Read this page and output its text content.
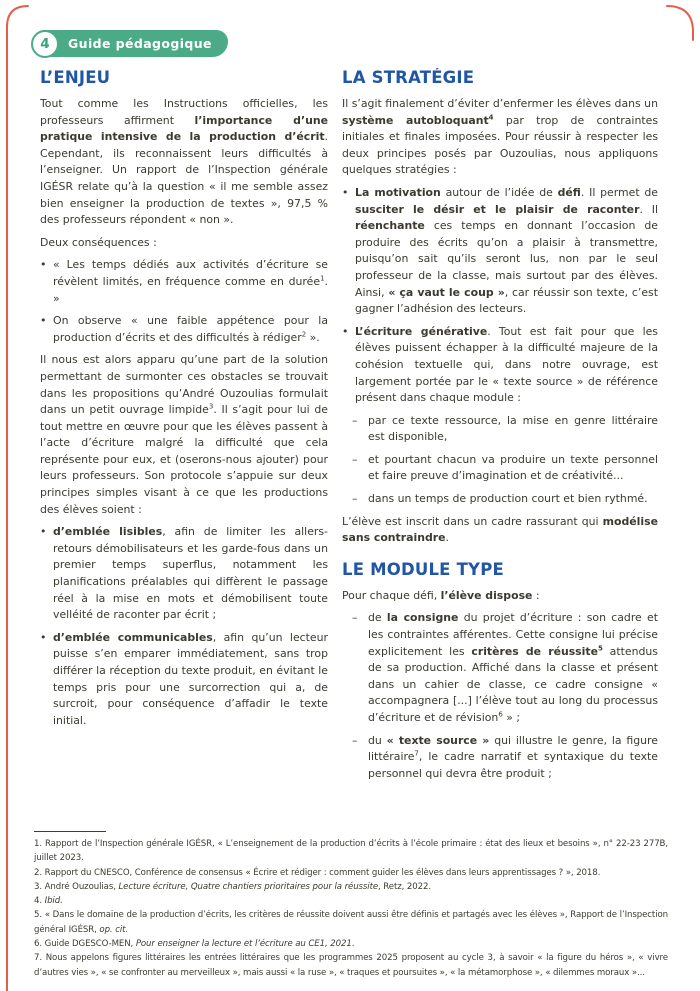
4	Guide pédagogique
L’ENJEU

Tout comme les Instructions officielles, les professeurs affirment l’importance d’une pratique intensive de la production d’écrit. Cependant, ils reconnaissent leurs difficultés à l’enseigner. Un rapport de l’Inspection générale IGÉSR relate qu’à la question « il me semble assez bien enseigner la production de textes », 97,5 % des professeurs répondent « non ».

Deux conséquences :

• « Les temps dédiés aux activités d’écriture se révèlent limités, en fréquence comme en durée$^1$. »
• On observe « une faible appétence pour la production d’écrits et des difficultés à rédiger$^2$ ».

Il nous est alors apparu qu’une part de la solution permettant de surmonter ces obstacles se trouvait dans les propositions qu’André Ouzoulias formulait dans un petit ouvrage limpide$^3$. Il s’agit pour lui de tout mettre en œuvre pour que les élèves passent à l’acte d’écriture malgré la difficulté que cela représente pour eux, et (oserons-nous ajouter) pour leurs professeurs. Son protocole s’appuie sur deux principes simples visant à ce que les productions des élèves soient :

• d’emblée lisibles, afin de limiter les allers-retours démobilisateurs et les garde-fous dans un premier temps superflus, notamment les planifications préalables qui diffèrent le passage réel à la mise en mots et démobilisent toute velléité de raconter par écrit ;
• d’emblée communicables, afin qu’un lecteur puisse s’en emparer immédiatement, sans trop différer la réception du texte produit, en évitant le temps pris pour une surcorrection qui a, de surcroit, pour conséquence d’affadir le texte initial.
LA STRATÉGIE

Il s’agit finalement d’éviter d’enfermer les élèves dans un système autobloquant$^4$ par trop de contraintes initiales et finales imposées. Pour réussir à respecter les deux principes posés par Ouzoulias, nous appliquons quelques stratégies :

• La motivation autour de l’idée de défi. Il permet de susciter le désir et le plaisir de raconter. Il réenchante ces temps en donnant l’occasion de produire des écrits qu’on a plaisir à transmettre, puisqu’on sait qu’ils seront lus, non par le seul professeur de la classe, mais surtout par des élèves. Ainsi, « ça vaut le coup », car réussir son texte, c’est gagner l’adhésion des lecteurs.
• L’écriture générative. Tout est fait pour que les élèves puissent échapper à la difficulté majeure de la cohésion textuelle qui, dans notre ouvrage, est largement portée par le « texte source » de référence présent dans chaque module :
– par ce texte ressource, la mise en genre littéraire est disponible,
– et pourtant chacun va produire un texte personnel et faire preuve d’imagination et de créativité...
– dans un temps de production court et bien rythmé.

L’élève est inscrit dans un cadre rassurant qui modélise sans contraindre.

LE MODULE TYPE

Pour chaque défi, l’élève dispose :

– de la consigne du projet d’écriture : son cadre et les contraintes afférentes. Cette consigne lui précise explicitement les critères de réussite$^5$ attendus de sa production. Affiché dans la classe et présent dans un cahier de classe, ce cadre consigne « accompagnera [...] l’élève tout au long du processus d’écriture et de révision$^6$ » ;
– du « texte source » qui illustre le genre, la figure littéraire$^7$, le cadre narratif et syntaxique du texte personnel qui devra être produit ;

1. Rapport de l’Inspection générale IGÉSR, « L’enseignement de la production d’écrits à l’école primaire : état des lieux et besoins », n° 22-23 277B, juillet 2023.

2. Rapport du CNESCO, Conférence de consensus « Écrire et rédiger : comment guider les élèves dans leurs apprentissages ? », 2018.

3. André Ouzoulias, Lecture écriture, Quatre chantiers prioritaires pour la réussite, Retz, 2022.

4. Ibid.

5. « Dans le domaine de la production d’écrits, les critères de réussite doivent aussi être définis et partagés avec les élèves », Rapport de l’Inspection général IGÉSR, op. cit.

6. Guide DGESCO-MEN, Pour enseigner la lecture et l’écriture au CE1, 2021.

7. Nous appelons figures littéraires les entrées littéraires que les programmes 2025 proposent au cycle 3, à savoir « la figure du héros », « vivre d’autres vies », « se confronter au merveilleux », mais aussi « la ruse », « traques et poursuites », « la métamorphose », « dilemmes moraux »...
